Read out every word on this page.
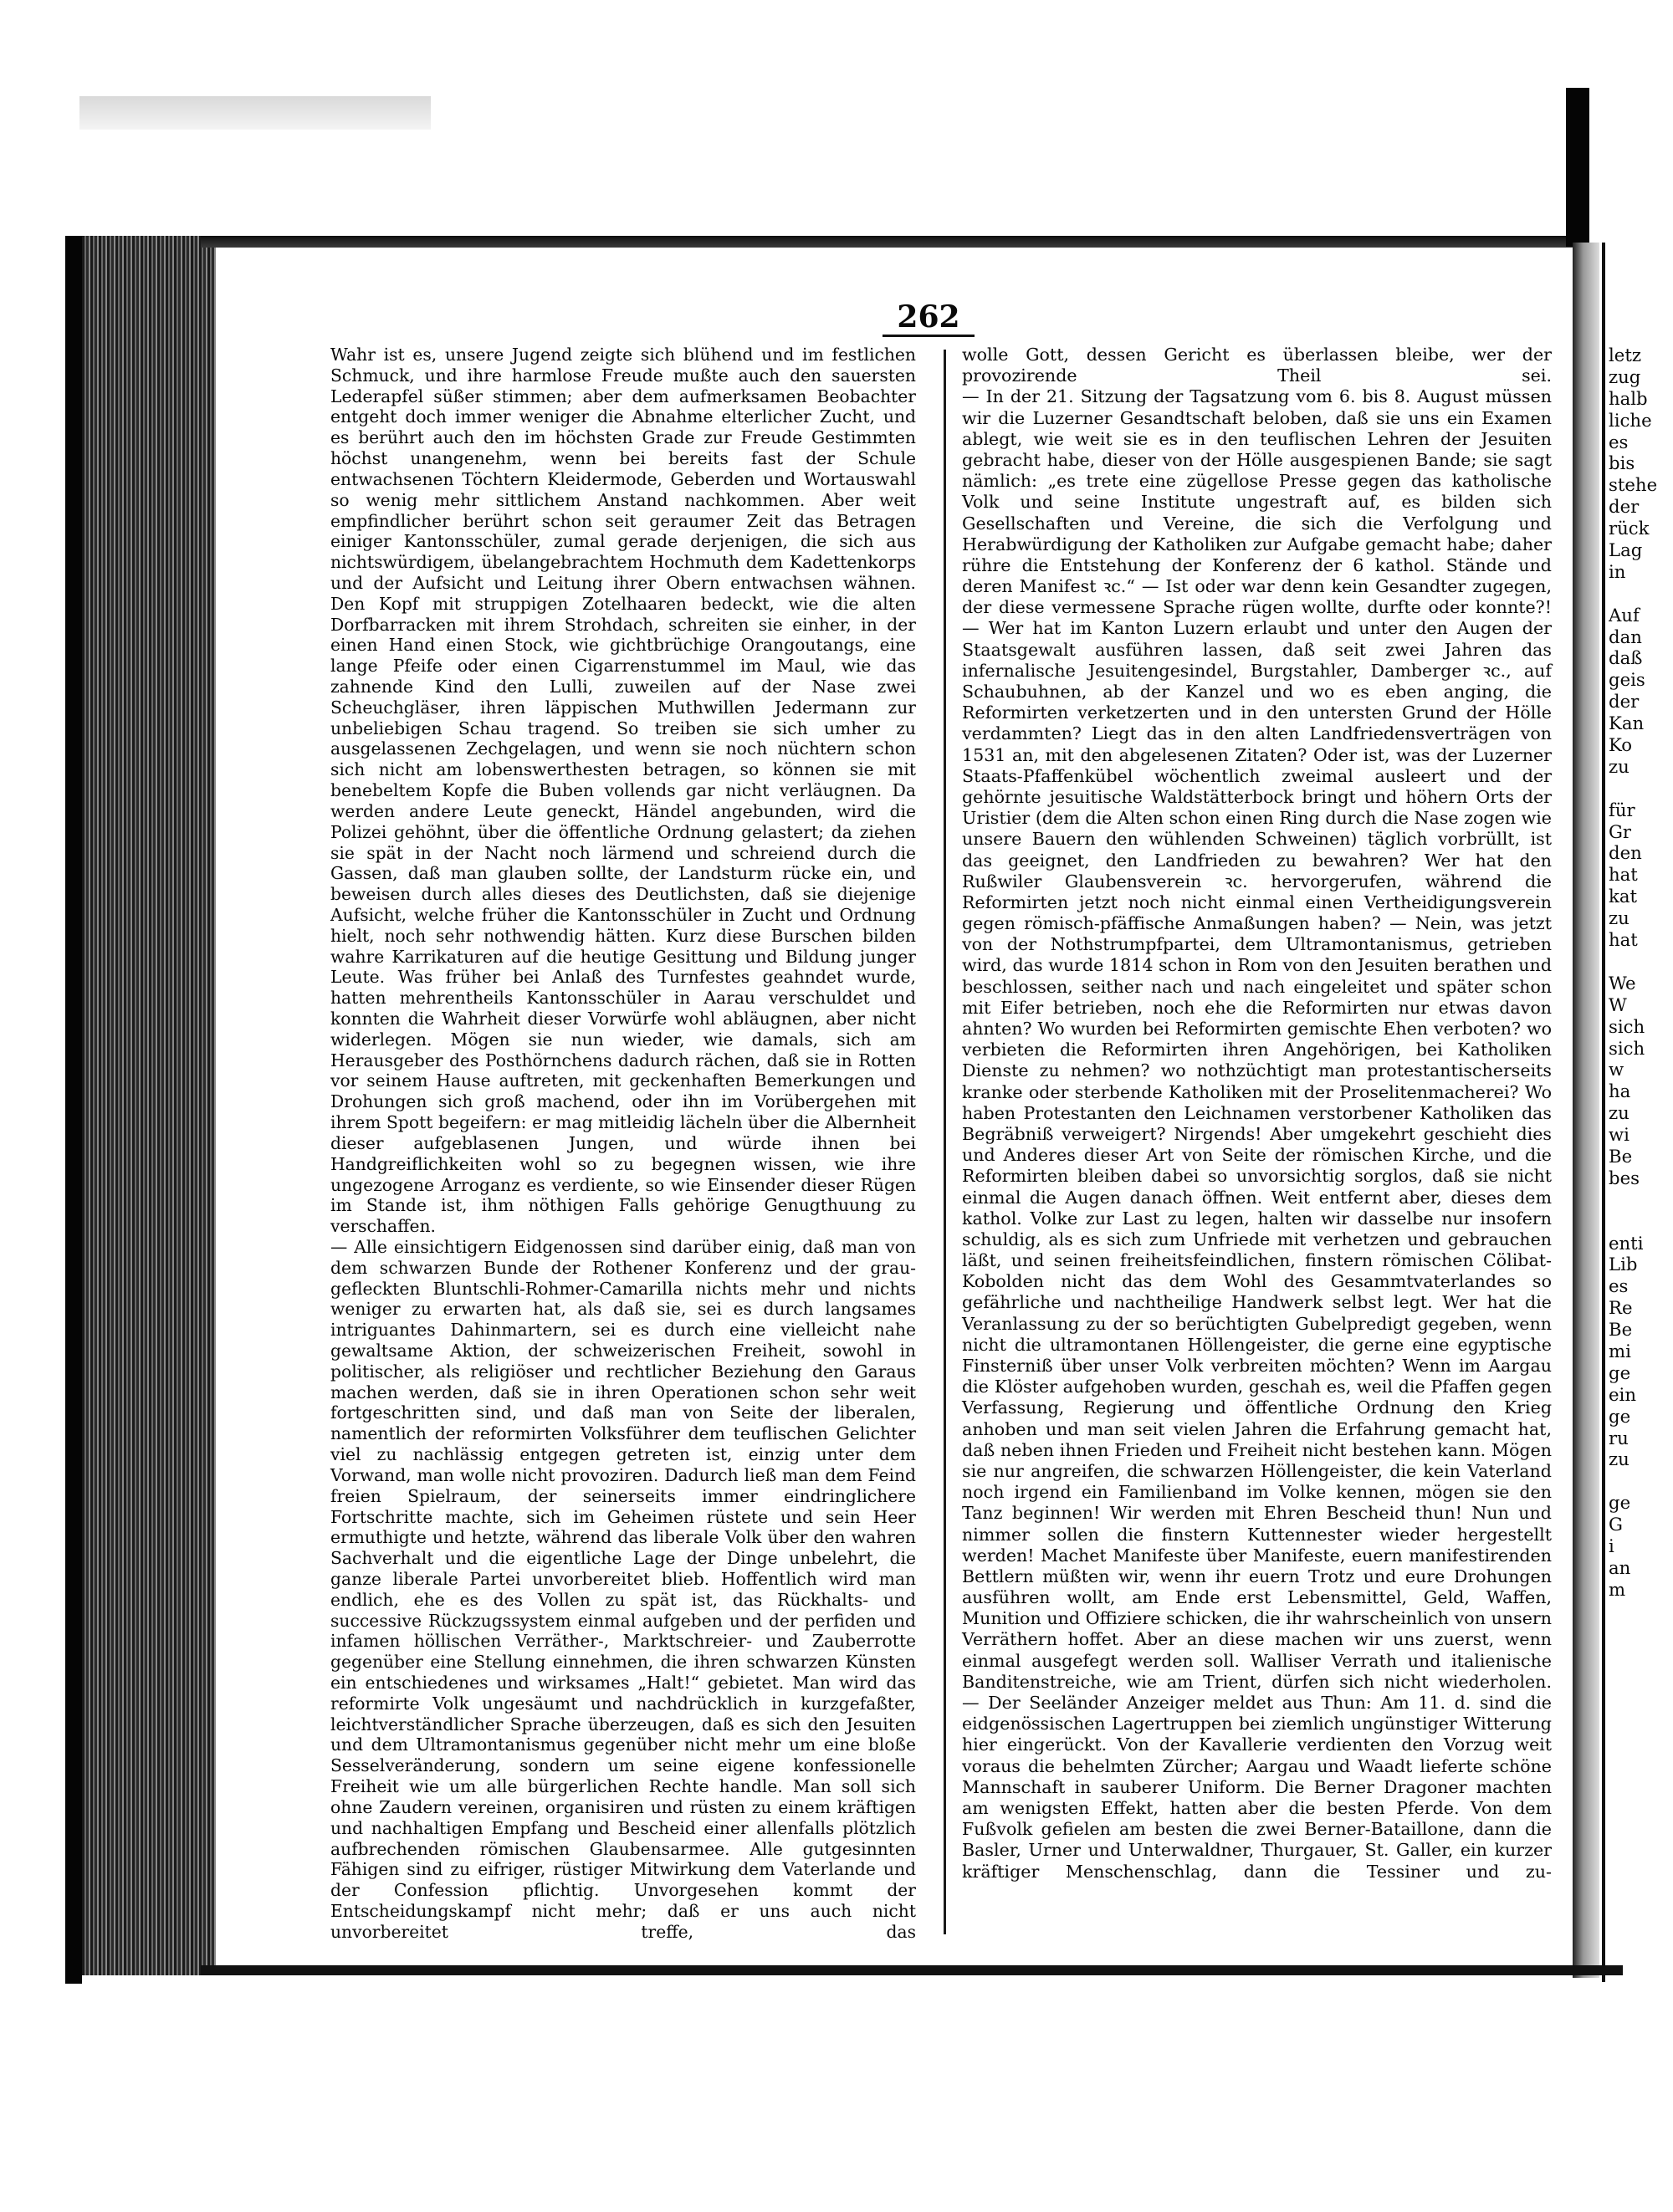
letz
zug
halb
liche
es
bis
stehe
der
rück
Lag
in
Auf
dan
daß
geis
der
Kan
Ko
zu
für
Gr
den
hat
kat
zu
hat
We
W
sich
sich
w
ha
zu
wi
Be
bes
enti
Lib
es
Re
Be
mi
ge
ein
ge
ru
zu
ge
G
i
an
m
262

Wahr ist es, unsere Jugend zeigte sich blühend und im festlichen Schmuck, und ihre harmlose Freude mußte auch den sauersten Lederapfel süßer stimmen; aber dem aufmerksamen Beobachter entgeht doch immer weniger die Abnahme elterlicher Zucht, und es berührt auch den im höchsten Grade zur Freude Gestimmten höchst unangenehm, wenn bei bereits fast der Schule entwachsenen Töchtern Kleidermode, Geberden und Wortauswahl so wenig mehr sittlichem Anstand nachkommen. Aber weit empfindlicher berührt schon seit geraumer Zeit das Betragen einiger Kantonsschüler, zumal gerade derjenigen, die sich aus nichtswürdigem, übelangebrachtem Hochmuth dem Kadettenkorps und der Aufsicht und Leitung ihrer Obern entwachsen wähnen. Den Kopf mit struppigen Zotelhaaren bedeckt, wie die alten Dorfbarracken mit ihrem Strohdach, schreiten sie einher, in der einen Hand einen Stock, wie gichtbrüchige Orangoutangs, eine lange Pfeife oder einen Cigarrenstummel im Maul, wie das zahnende Kind den Lulli, zuweilen auf der Nase zwei Scheuchgläser, ihren läppischen Muthwillen Jedermann zur unbeliebigen Schau tragend. So treiben sie sich umher zu ausgelassenen Zechgelagen, und wenn sie noch nüchtern schon sich nicht am lobenswerthesten betragen, so können sie mit benebeltem Kopfe die Buben vollends gar nicht verläugnen. Da werden andere Leute geneckt, Händel angebunden, wird die Polizei gehöhnt, über die öffentliche Ordnung gelastert; da ziehen sie spät in der Nacht noch lärmend und schreiend durch die Gassen, daß man glauben sollte, der Landsturm rücke ein, und beweisen durch alles dieses des Deutlichsten, daß sie diejenige Aufsicht, welche früher die Kantonsschüler in Zucht und Ordnung hielt, noch sehr nothwendig hätten. Kurz diese Burschen bilden wahre Karrikaturen auf die heutige Gesittung und Bildung junger Leute. Was früher bei Anlaß des Turnfestes geahndet wurde, hatten mehrentheils Kantonsschüler in Aarau verschuldet und konnten die Wahrheit dieser Vorwürfe wohl abläugnen, aber nicht widerlegen. Mögen sie nun wieder, wie damals, sich am Herausgeber des Posthörnchens dadurch rächen, daß sie in Rotten vor seinem Hause auftreten, mit geckenhaften Bemerkungen und Drohungen sich groß machend, oder ihn im Vorübergehen mit ihrem Spott begeifern: er mag mitleidig lächeln über die Albernheit dieser aufgeblasenen Jungen, und würde ihnen bei Handgreiflichkeiten wohl so zu begegnen wissen, wie ihre ungezogene Arroganz es verdiente, so wie Einsender dieser Rügen im Stande ist, ihm nöthigen Falls gehörige Genugthuung zu verschaffen.

— Alle einsichtigern Eidgenossen sind darüber einig, daß man von dem schwarzen Bunde der Rothener Konferenz und der grau-gefleckten Bluntschli-Rohmer-Camarilla nichts mehr und nichts weniger zu erwarten hat, als daß sie, sei es durch langsames intriguantes Dahinmartern, sei es durch eine vielleicht nahe gewaltsame Aktion, der schweizerischen Freiheit, sowohl in politischer, als religiöser und rechtlicher Beziehung den Garaus machen werden, daß sie in ihren Operationen schon sehr weit fortgeschritten sind, und daß man von Seite der liberalen, namentlich der reformirten Volksführer dem teuflischen Gelichter viel zu nachlässig entgegen getreten ist, einzig unter dem Vorwand, man wolle nicht provoziren. Dadurch ließ man dem Feind freien Spielraum, der seinerseits immer eindringlichere Fortschritte machte, sich im Geheimen rüstete und sein Heer ermuthigte und hetzte, während das liberale Volk über den wahren Sachverhalt und die eigentliche Lage der Dinge unbelehrt, die ganze liberale Partei unvorbereitet blieb. Hoffentlich wird man endlich, ehe es des Vollen zu spät ist, das Rückhalts- und successive Rückzugssystem einmal aufgeben und der perfiden und infamen höllischen Verräther-, Marktschreier- und Zauberrotte gegenüber eine Stellung einnehmen, die ihren schwarzen Künsten ein entschiedenes und wirksames „Halt!“ gebietet. Man wird das reformirte Volk ungesäumt und nachdrücklich in kurzgefaßter, leichtverständlicher Sprache überzeugen, daß es sich den Jesuiten und dem Ultramontanismus gegenüber nicht mehr um eine bloße Sesselveränderung, sondern um seine eigene konfessionelle Freiheit wie um alle bürgerlichen Rechte handle. Man soll sich ohne Zaudern vereinen, organisiren und rüsten zu einem kräftigen und nachhaltigen Empfang und Bescheid einer allenfalls plötzlich aufbrechenden römischen Glaubensarmee. Alle gutgesinnten Fähigen sind zu eifriger, rüstiger Mitwirkung dem Vaterlande und der Confession pflichtig. Unvorgesehen kommt der Entscheidungskampf nicht mehr; daß er uns auch nicht unvorbereitet treffe, das

wolle Gott, dessen Gericht es überlassen bleibe, wer der provozirende Theil sei.

— In der 21. Sitzung der Tagsatzung vom 6. bis 8. August müssen wir die Luzerner Gesandtschaft beloben, daß sie uns ein Examen ablegt, wie weit sie es in den teuflischen Lehren der Jesuiten gebracht habe, dieser von der Hölle ausgespienen Bande; sie sagt nämlich: „es trete eine zügellose Presse gegen das katholische Volk und seine Institute ungestraft auf, es bilden sich Gesellschaften und Vereine, die sich die Verfolgung und Herabwürdigung der Katholiken zur Aufgabe gemacht habe; daher rühre die Entstehung der Konferenz der 6 kathol. Stände und deren Manifest ꝛc.“ — Ist oder war denn kein Gesandter zugegen, der diese vermessene Sprache rügen wollte, durfte oder konnte?!

— Wer hat im Kanton Luzern erlaubt und unter den Augen der Staatsgewalt ausführen lassen, daß seit zwei Jahren das infernalische Jesuitengesindel, Burgstahler, Damberger ꝛc., auf Schaubuhnen, ab der Kanzel und wo es eben anging, die Reformirten verketzerten und in den untersten Grund der Hölle verdammten? Liegt das in den alten Landfriedensverträgen von 1531 an, mit den abgelesenen Zitaten? Oder ist, was der Luzerner Staats-Pfaffenkübel wöchentlich zweimal ausleert und der gehörnte jesuitische Waldstätterbock bringt und höhern Orts der Uristier (dem die Alten schon einen Ring durch die Nase zogen wie unsere Bauern den wühlenden Schweinen) täglich vorbrüllt, ist das geeignet, den Landfrieden zu bewahren? Wer hat den Rußwiler Glaubensverein ꝛc. hervorgerufen, während die Reformirten jetzt noch nicht einmal einen Vertheidigungsverein gegen römisch-pfäffische Anmaßungen haben? — Nein, was jetzt von der Nothstrumpfpartei, dem Ultramontanismus, getrieben wird, das wurde 1814 schon in Rom von den Jesuiten berathen und beschlossen, seither nach und nach eingeleitet und später schon mit Eifer betrieben, noch ehe die Reformirten nur etwas davon ahnten? Wo wurden bei Reformirten gemischte Ehen verboten? wo verbieten die Reformirten ihren Angehörigen, bei Katholiken Dienste zu nehmen? wo nothzüchtigt man protestantischerseits kranke oder sterbende Katholiken mit der Proselitenmacherei? Wo haben Protestanten den Leichnamen verstorbener Katholiken das Begräbniß verweigert? Nirgends! Aber umgekehrt geschieht dies und Anderes dieser Art von Seite der römischen Kirche, und die Reformirten bleiben dabei so unvorsichtig sorglos, daß sie nicht einmal die Augen danach öffnen. Weit entfernt aber, dieses dem kathol. Volke zur Last zu legen, halten wir dasselbe nur insofern schuldig, als es sich zum Unfriede mit verhetzen und gebrauchen läßt, und seinen freiheitsfeindlichen, finstern römischen Cölibat-Kobolden nicht das dem Wohl des Gesammtvaterlandes so gefährliche und nachtheilige Handwerk selbst legt. Wer hat die Veranlassung zu der so berüchtigten Gubelpredigt gegeben, wenn nicht die ultramontanen Höllengeister, die gerne eine egyptische Finsterniß über unser Volk verbreiten möchten? Wenn im Aargau die Klöster aufgehoben wurden, geschah es, weil die Pfaffen gegen Verfassung, Regierung und öffentliche Ordnung den Krieg anhoben und man seit vielen Jahren die Erfahrung gemacht hat, daß neben ihnen Frieden und Freiheit nicht bestehen kann. Mögen sie nur angreifen, die schwarzen Höllengeister, die kein Vaterland noch irgend ein Familienband im Volke kennen, mögen sie den Tanz beginnen! Wir werden mit Ehren Bescheid thun! Nun und nimmer sollen die finstern Kuttennester wieder hergestellt werden! Machet Manifeste über Manifeste, euern manifestirenden Bettlern müßten wir, wenn ihr euern Trotz und eure Drohungen ausführen wollt, am Ende erst Lebensmittel, Geld, Waffen, Munition und Offiziere schicken, die ihr wahrscheinlich von unsern Verräthern hoffet. Aber an diese machen wir uns zuerst, wenn einmal ausgefegt werden soll. Walliser Verrath und italienische Banditenstreiche, wie am Trient, dürfen sich nicht wiederholen.

— Der Seeländer Anzeiger meldet aus Thun: Am 11. d. sind die eidgenössischen Lagertruppen bei ziemlich ungünstiger Witterung hier eingerückt. Von der Kavallerie verdienten den Vorzug weit voraus die behelmten Zürcher; Aargau und Waadt lieferte schöne Mannschaft in sauberer Uniform. Die Berner Dragoner machten am wenigsten Effekt, hatten aber die besten Pferde. Von dem Fußvolk gefielen am besten die zwei Berner-Bataillone, dann die Basler, Urner und Unterwaldner, Thurgauer, St. Galler, ein kurzer kräftiger Menschenschlag, dann die Tessiner und zu-
